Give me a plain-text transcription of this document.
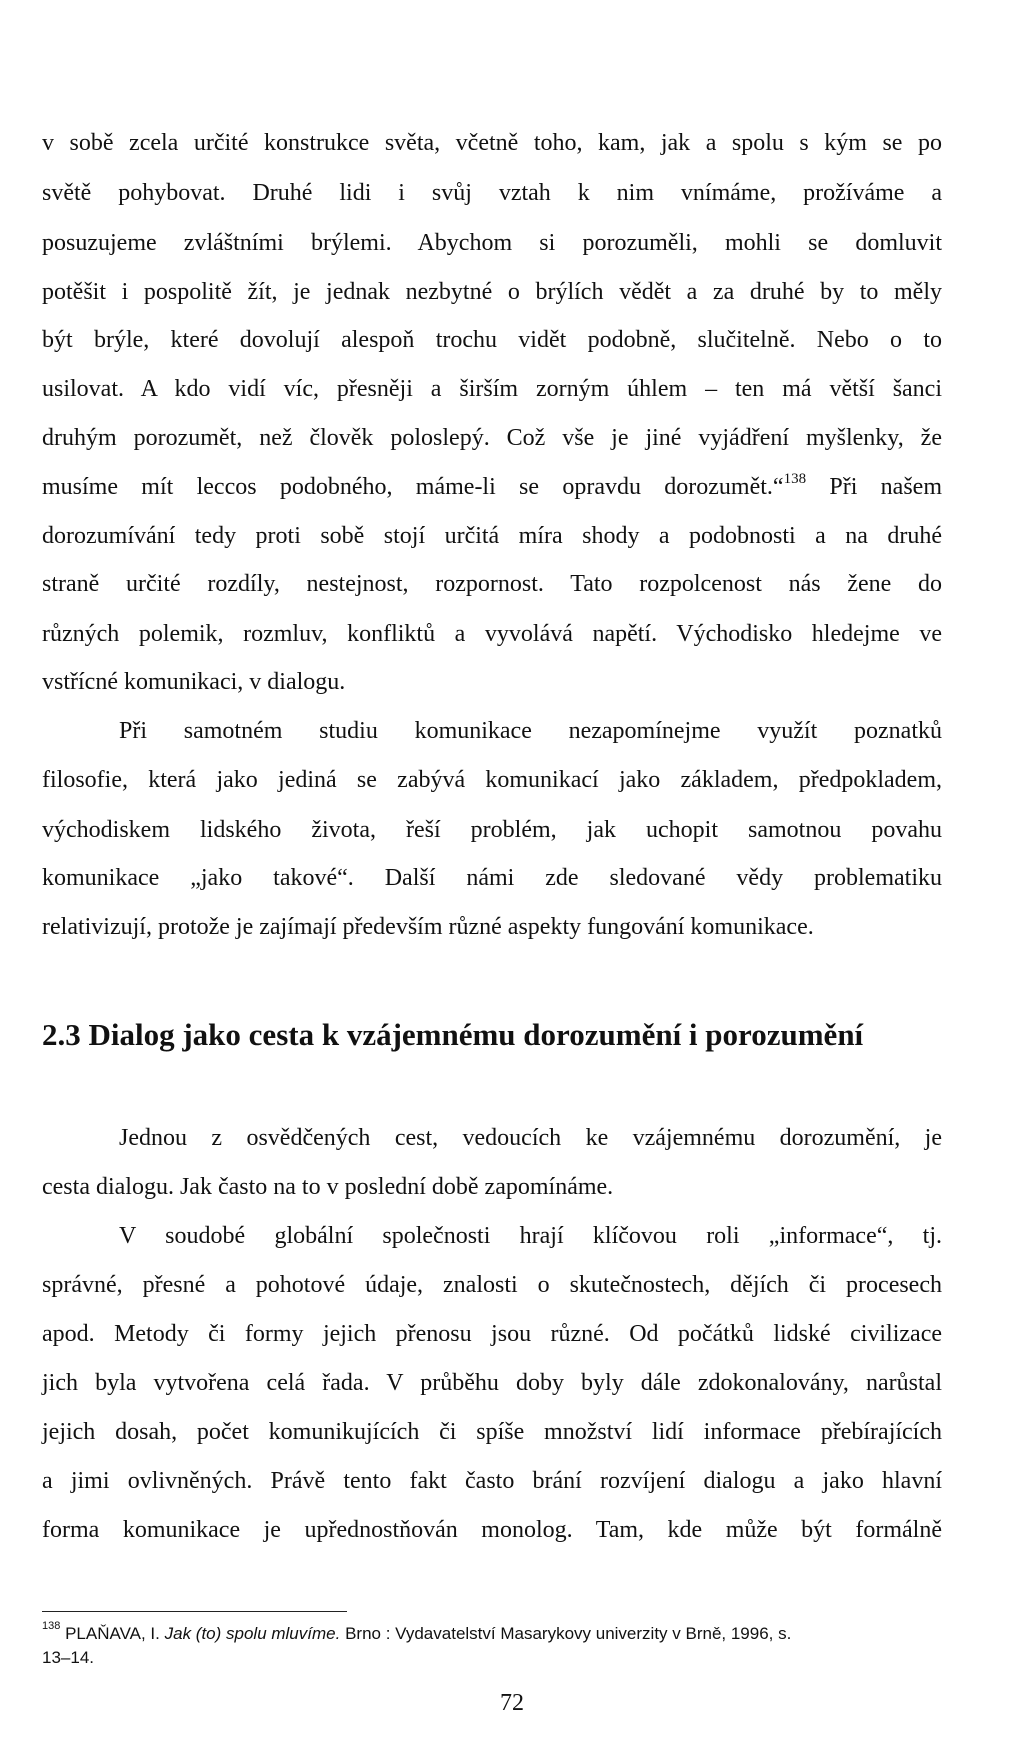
v sobě zcela určité konstrukce světa, včetně toho, kam, jak a spolu s kým se po
světě pohybovat. Druhé lidi i svůj vztah k nim vnímáme, prožíváme a
posuzujeme zvláštními brýlemi. Abychom si porozuměli, mohli se domluvit
potěšit i pospolitě žít, je jednak nezbytné o brýlích vědět a za druhé by to měly
být brýle, které dovolují alespoň trochu vidět podobně, slučitelně. Nebo o to
usilovat. A kdo vidí víc, přesněji a širším zorným úhlem – ten má větší šanci
druhým porozumět, než člověk poloslepý. Což vše je jiné vyjádření myšlenky, že
musíme mít leccos podobného, máme-li se opravdu dorozumět.“$^{138}$ Při našem
dorozumívání tedy proti sobě stojí určitá míra shody a podobnosti a na druhé
straně určité rozdíly, nestejnost, rozpornost. Tato rozpolcenost nás žene do
různých polemik, rozmluv, konfliktů a vyvolává napětí. Východisko hledejme ve
vstřícné komunikaci, v dialogu.
Při samotném studiu komunikace nezapomínejme využít poznatků
filosofie, která jako jediná se zabývá komunikací jako základem, předpokladem,
východiskem lidského života, řeší problém, jak uchopit samotnou povahu
komunikace „jako takové“. Další námi zde sledované vědy problematiku
relativizují, protože je zajímají především různé aspekty fungování komunikace.
2.3 Dialog jako cesta k vzájemnému dorozumění i porozumění
Jednou z osvědčených cest, vedoucích ke vzájemnému dorozumění, je
cesta dialogu. Jak často na to v poslední době zapomínáme.
V soudobé globální společnosti hrají klíčovou roli „informace“, tj.
správné, přesné a pohotové údaje, znalosti o skutečnostech, dějích či procesech
apod. Metody či formy jejich přenosu jsou různé. Od počátků lidské civilizace
jich byla vytvořena celá řada. V průběhu doby byly dále zdokonalovány, narůstal
jejich dosah, počet komunikujících či spíše množství lidí informace přebírajících
a jimi ovlivněných. Právě tento fakt často brání rozvíjení dialogu a jako hlavní
forma komunikace je upřednostňován monolog. Tam, kde může být formálně
$^{138}$ PLAŇAVA, I. Jak (to) spolu mluvíme. Brno : Vydavatelství Masarykovy univerzity v Brně, 1996, s.
13–14.
72
